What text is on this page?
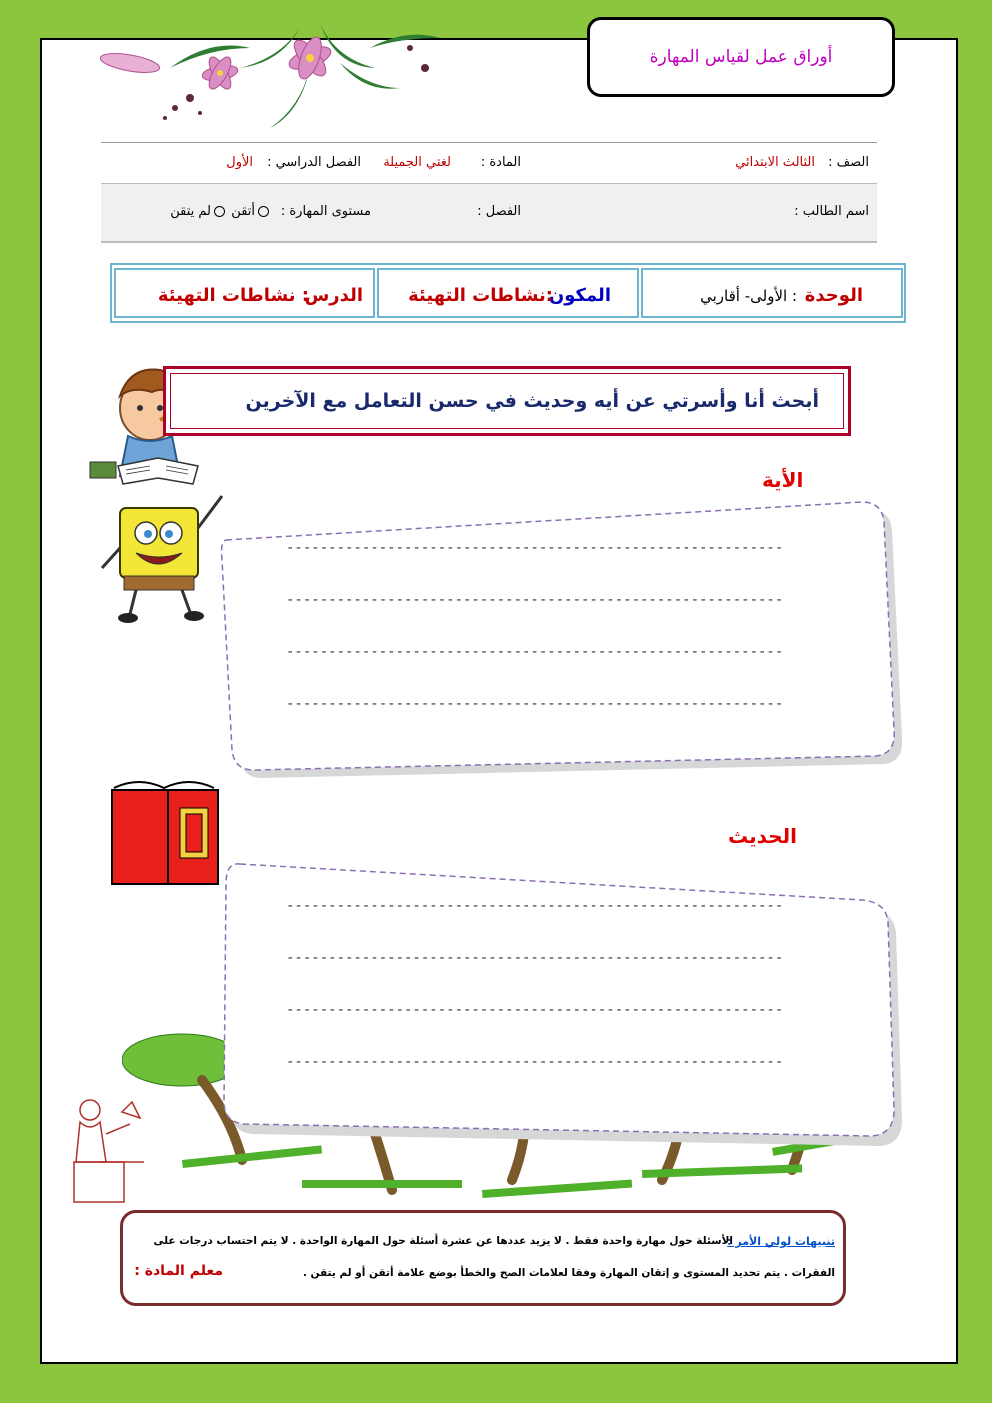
أوراق عمل لقياس المهارة
الصف :
الثالث الابتدائي
المادة :
لغتي الجميلة
الفصل الدراسي :
الأول
اسم الطالب :
الفصل :
مستوى المهارة :
أتقن
لم يتقن
الوحدة
: الأولى- أقاربي
المكون
:نشاطات التهيئة
الدرس
: نشاطات التهيئة
أبحث أنا وأسرتي عن أيه وحديث في حسن التعامل مع الآخرين
الأية
-----------------------------------------------------------
-----------------------------------------------------------
-----------------------------------------------------------
-----------------------------------------------------------
الحديث
-----------------------------------------------------------
-----------------------------------------------------------
-----------------------------------------------------------
-----------------------------------------------------------
تنبيهات لولي الأمر :
الأسئلة حول مهارة واحدة فقط . لا يزيد عددها عن عشرة أسئلة حول المهارة الواحدة . لا يتم احتساب درجات على
الفقرات . يتم تحديد المستوى و إتقان المهارة وفقا لعلامات الصح والخطأ بوضع علامة أتقن أو لم يتقن .
معلم المادة :
